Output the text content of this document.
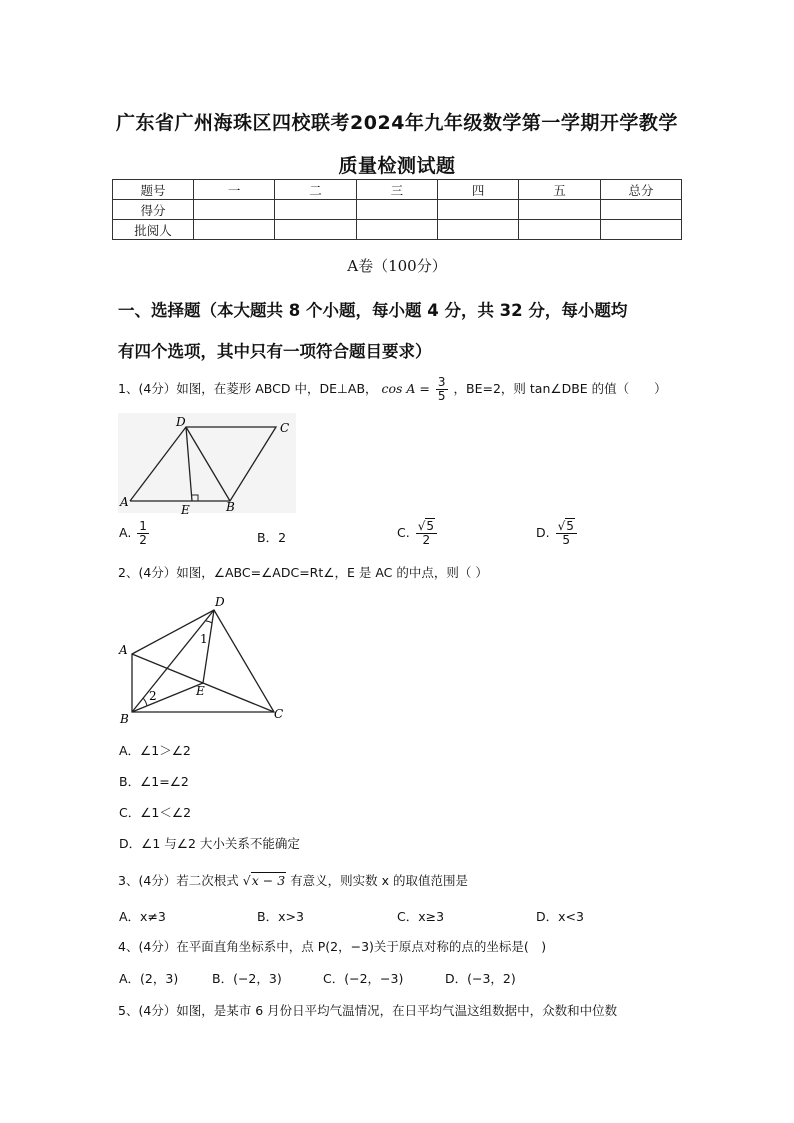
广东省广州海珠区四校联考2024年九年级数学第一学期开学教学
质量检测试题
题号	一	二	三	四	五	总分
得分						
批阅人						
A卷（100分）
一、选择题（本大题共 8 个小题，每小题 4 分，共 32 分，每小题均
有四个选项，其中只有一项符合题目要求）
1、(4分）如图，在菱形 ABCD 中，DE⊥AB， $\cos A = \frac{3}{5}$ ，BE=2，则 tan∠DBE 的值（　　）
D	C
A
E	B
A. $\frac{1}{2}$	B．2	C. $\frac{√5}{2}$	D. $\frac{√5}{5}$
2、(4分）如图，∠ABC=∠ADC=Rt∠，E 是 AC 的中点，则（ ）
D
A
B	C
E
1
2
A．∠1＞∠2
B．∠1=∠2
C．∠1＜∠2
D．∠1 与∠2 大小关系不能确定
3、(4分）若二次根式 √x − 3 有意义，则实数 x 的取值范围是
A．x≠3	B．x>3	C．x≥3	D．x<3
4、(4分）在平面直角坐标系中，点 P(2，−3)关于原点对称的点的坐标是(　)
A．(2，3)	B．(−2，3)	C．(−2，−3)	D．(−3，2)
5、(4分）如图，是某市 6 月份日平均气温情况，在日平均气温这组数据中，众数和中位数
